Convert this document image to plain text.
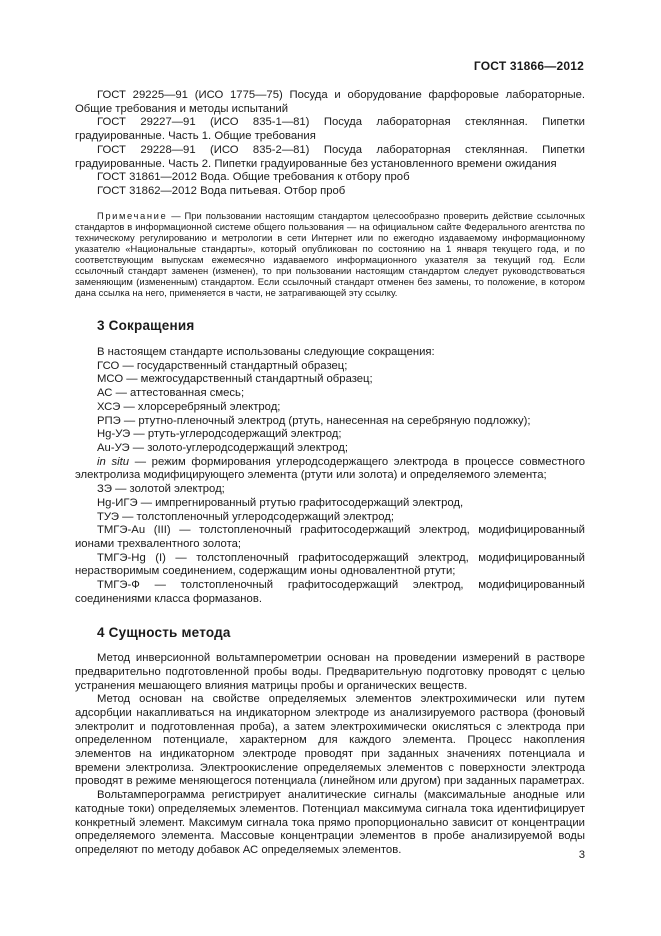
ГОСТ 31866—2012

ГОСТ 29225—91 (ИСО 1775—75) Посуда и оборудование фарфоровые лабораторные. Общие требования и методы испытаний

ГОСТ 29227—91 (ИСО 835-1—81) Посуда лабораторная стеклянная. Пипетки градуированные. Часть 1. Общие требования

ГОСТ 29228—91 (ИСО 835-2—81) Посуда лабораторная стеклянная. Пипетки градуированные. Часть 2. Пипетки градуированные без установленного времени ожидания

ГОСТ 31861—2012 Вода. Общие требования к отбору проб

ГОСТ 31862—2012 Вода питьевая. Отбор проб

Примечание — При пользовании настоящим стандартом целесообразно проверить действие ссылочных стандартов в информационной системе общего пользования — на официальном сайте Федерального агентства по техническому регулированию и метрологии в сети Интернет или по ежегодно издаваемому информационному указателю «Национальные стандарты», который опубликован по состоянию на 1 января текущего года, и по соответствующим выпускам ежемесячно издаваемого информационного указателя за текущий год. Если ссылочный стандарт заменен (изменен), то при пользовании настоящим стандартом следует руководствоваться заменяющим (измененным) стандартом. Если ссылочный стандарт отменен без замены, то положение, в котором дана ссылка на него, применяется в части, не затрагивающей эту ссылку.
3 Сокращения

В настоящем стандарте использованы следующие сокращения:

ГСО — государственный стандартный образец;

МСО — межгосударственный стандартный образец;

АС — аттестованная смесь;

ХСЭ — хлорсеребряный электрод;

РПЭ — ртутно-пленочный электрод (ртуть, нанесенная на серебряную подложку);

Hg-УЭ — ртуть-углеродсодержащий электрод;

Au-УЭ — золото-углеродсодержащий электрод;

in situ — режим формирования углеродсодержащего электрода в процессе совместного электролиза модифицирующего элемента (ртути или золота) и определяемого элемента;

ЗЭ — золотой электрод;

Hg-ИГЭ — импрегнированный ртутью графитосодержащий электрод,

ТУЭ — толстопленочный углеродсодержащий электрод;

ТМГЭ-Au (III) — толстопленочный графитосодержащий электрод, модифицированный ионами трехвалентного золота;

ТМГЭ-Hg (I) — толстопленочный графитосодержащий электрод, модифицированный нерастворимым соединением, содержащим ионы одновалентной ртути;

ТМГЭ-Ф — толстопленочный графитосодержащий электрод, модифицированный соединениями класса формазанов.

4 Сущность метода

Метод инверсионной вольтамперометрии основан на проведении измерений в растворе предварительно подготовленной пробы воды. Предварительную подготовку проводят с целью устранения мешающего влияния матрицы пробы и органических веществ.

Метод основан на свойстве определяемых элементов электрохимически или путем адсорбции накапливаться на индикаторном электроде из анализируемого раствора (фоновый электролит и подготовленная проба), а затем электрохимически окисляться с электрода при определенном потенциале, характерном для каждого элемента. Процесс накопления элементов на индикаторном электроде проводят при заданных значениях потенциала и времени электролиза. Электроокисление определяемых элементов с поверхности электрода проводят в режиме меняющегося потенциала (линейном или другом) при заданных параметрах.

Вольтамперограмма регистрирует аналитические сигналы (максимальные анодные или катодные токи) определяемых элементов. Потенциал максимума сигнала тока идентифицирует конкретный элемент. Максимум сигнала тока прямо пропорционально зависит от концентрации определяемого элемента. Массовые концентрации элементов в пробе анализируемой воды определяют по методу добавок АС определяемых элементов.	3
